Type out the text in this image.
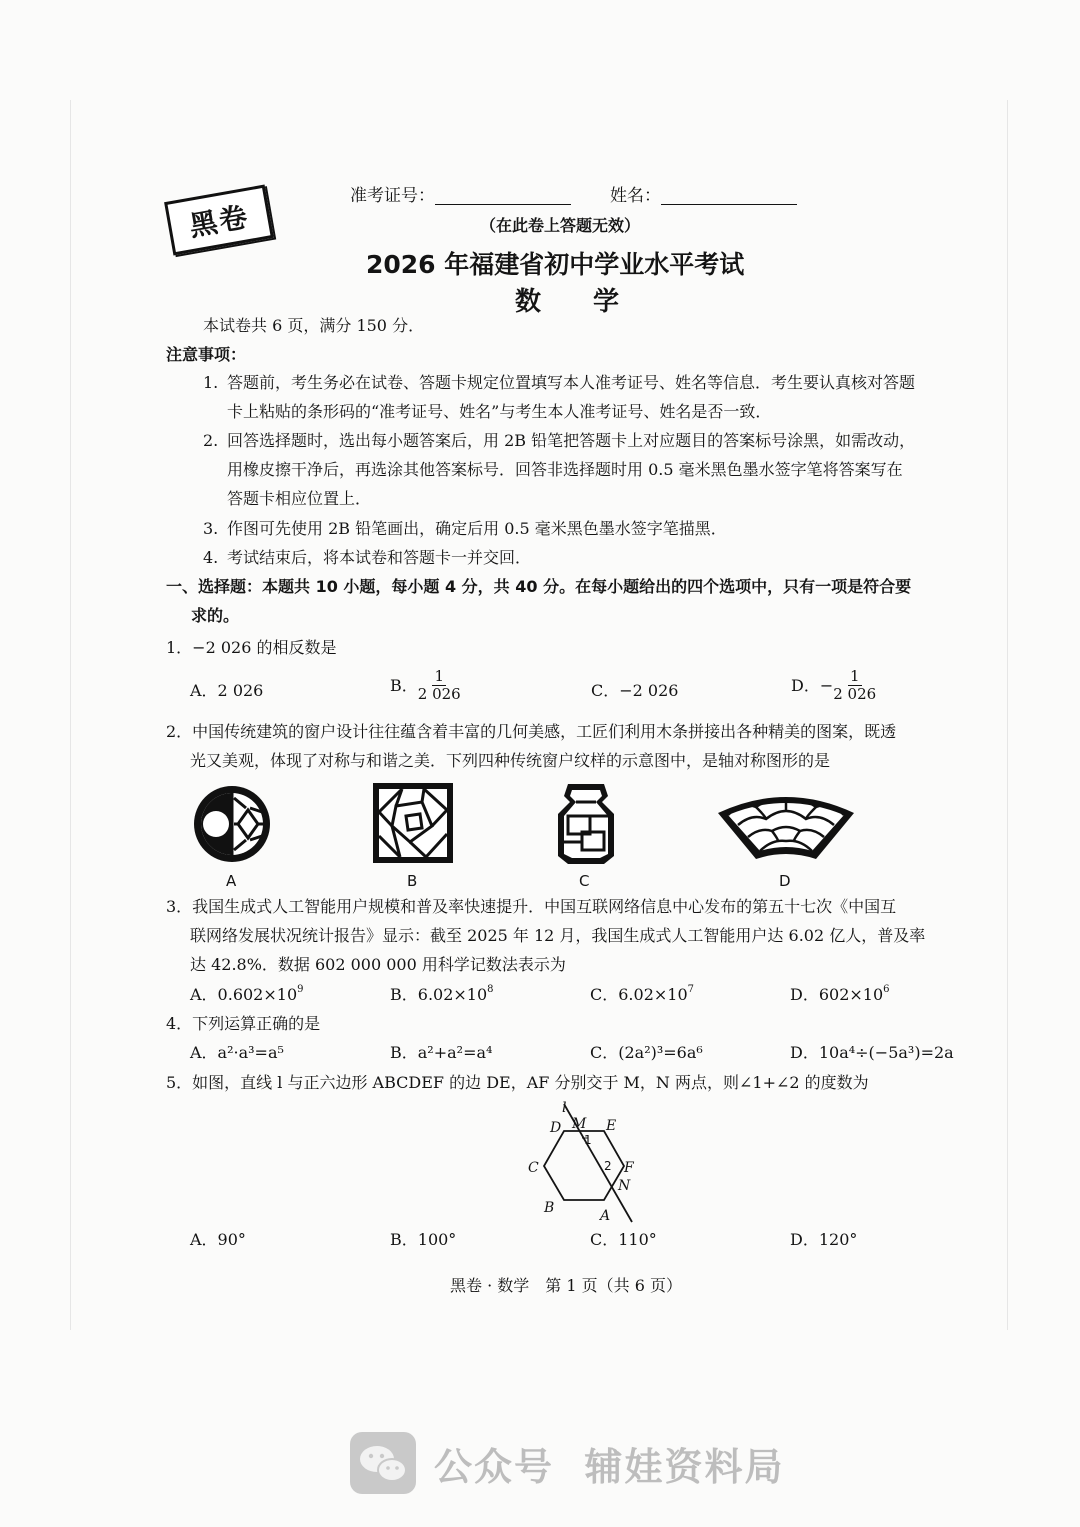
黑卷
准考证号：	姓名：
（在此卷上答题无效）
2026 年福建省初中学业水平考试
数　　学
本试卷共 6 页，满分 150 分．
注意事项：
1. 答题前，考生务必在试卷、答题卡规定位置填写本人准考证号、姓名等信息．考生要认真核对答题
卡上粘贴的条形码的“准考证号、姓名”与考生本人准考证号、姓名是否一致．
2. 回答选择题时，选出每小题答案后，用 2B 铅笔把答题卡上对应题目的答案标号涂黑，如需改动，
用橡皮擦干净后，再选涂其他答案标号．回答非选择题时用 0.5 毫米黑色墨水签字笔将答案写在
答题卡相应位置上．
3. 作图可先使用 2B 铅笔画出，确定后用 0.5 毫米黑色墨水签字笔描黑．
4. 考试结束后，将本试卷和答题卡一并交回．
一、选择题：本题共 10 小题，每小题 4 分，共 40 分。在每小题给出的四个选项中，只有一项是符合要
求的。
1．−2 026 的相反数是
A．2 026	B． $\frac{1}{2 026}$	C．−2 026	D．− $\frac{1}{2 026}$
2．中国传统建筑的窗户设计往往蕴含着丰富的几何美感，工匠们利用木条拼接出各种精美的图案，既透
光又美观，体现了对称与和谐之美．下列四种传统窗户纹样的示意图中，是轴对称图形的是
A	B	C	D
3．我国生成式人工智能用户规模和普及率快速提升．中国互联网络信息中心发布的第五十七次《中国互
联网络发展状况统计报告》显示：截至 2025 年 12 月，我国生成式人工智能用户达 6.02 亿人，普及率
达 42.8%．数据 602 000 000 用科学记数法表示为
A．$0.602\times 10^9$	B．$6.02\times 10^8$	C．$6.02\times 10^7$	D．$602\times 10^6$
4．下列运算正确的是
A．a²·a³=a⁵	B．a²+a²=a⁴	C．(2a²)³=6a⁶	D．10a⁴÷(−5a³)=2a
5．如图，直线 l 与正六边形 ABCDEF 的边 DE，AF 分别交于 M，N 两点，则∠1+∠2 的度数为
l
D M E
C	F
N
B	A
1
2
A．90°	B．100°	C．110°	D．120°
黑卷 · 数学　第 1 页（共 6 页）
公众号  辅娃资料局
